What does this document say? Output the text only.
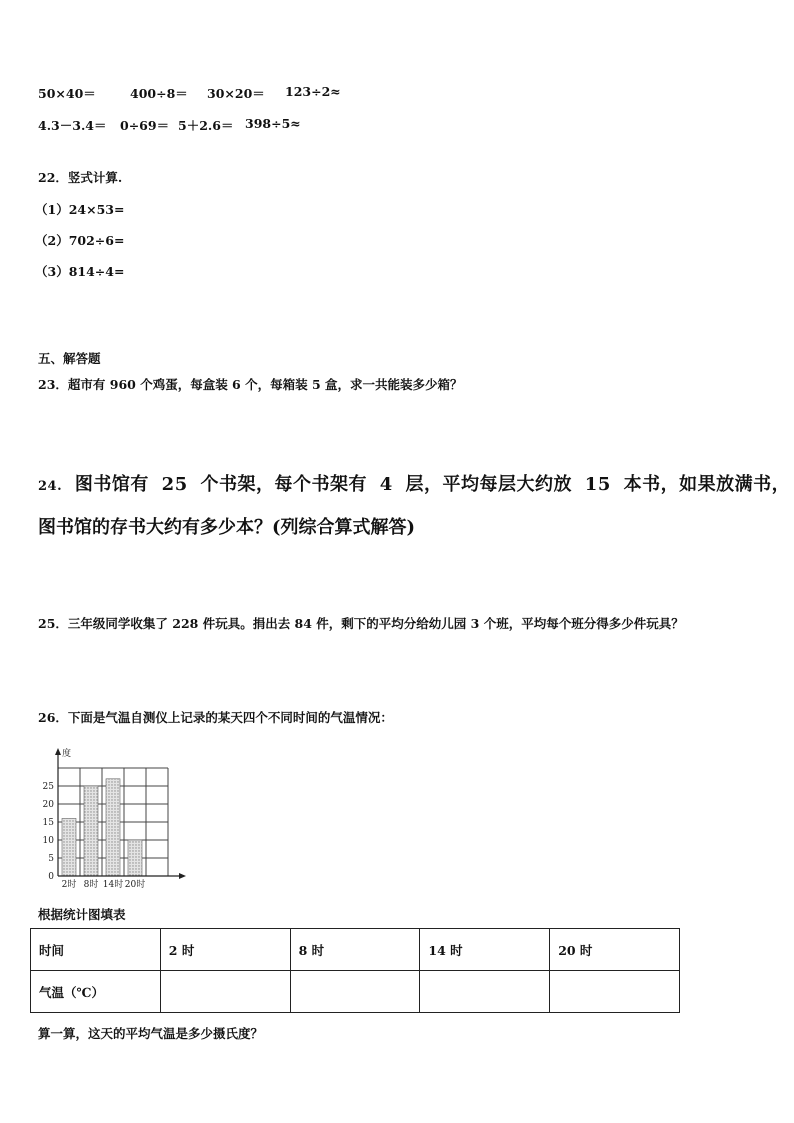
50×40＝	400÷8＝ 30×20＝ 123÷2≈
4.3－3.4＝ 0÷69＝ 5＋2.6＝ 398÷5≈
22．竖式计算.
（1）24×53=
（2）702÷6=
（3）814÷4=
五、解答题
23．超市有 960 个鸡蛋，每盒装 6 个，每箱装 5 盒，求一共能装多少箱？
24. 图书馆有 25 个书架，每个书架有 4 层，平均每层大约放 15 本书，如果放满书，
图书馆的存书大约有多少本？(列综合算式解答)
25．三年级同学收集了 228 件玩具。捐出去 84 件，剩下的平均分给幼儿园 3 个班，平均每个班分得多少件玩具？
26．下面是气温自测仪上记录的某天四个不同时间的气温情况：
度
0
5
10
15
20
25
2时 8时 14时 20时
根据统计图填表
时间	2 时	8 时	14 时	20 时
气温（℃）				
算一算，这天的平均气温是多少摄氏度？
